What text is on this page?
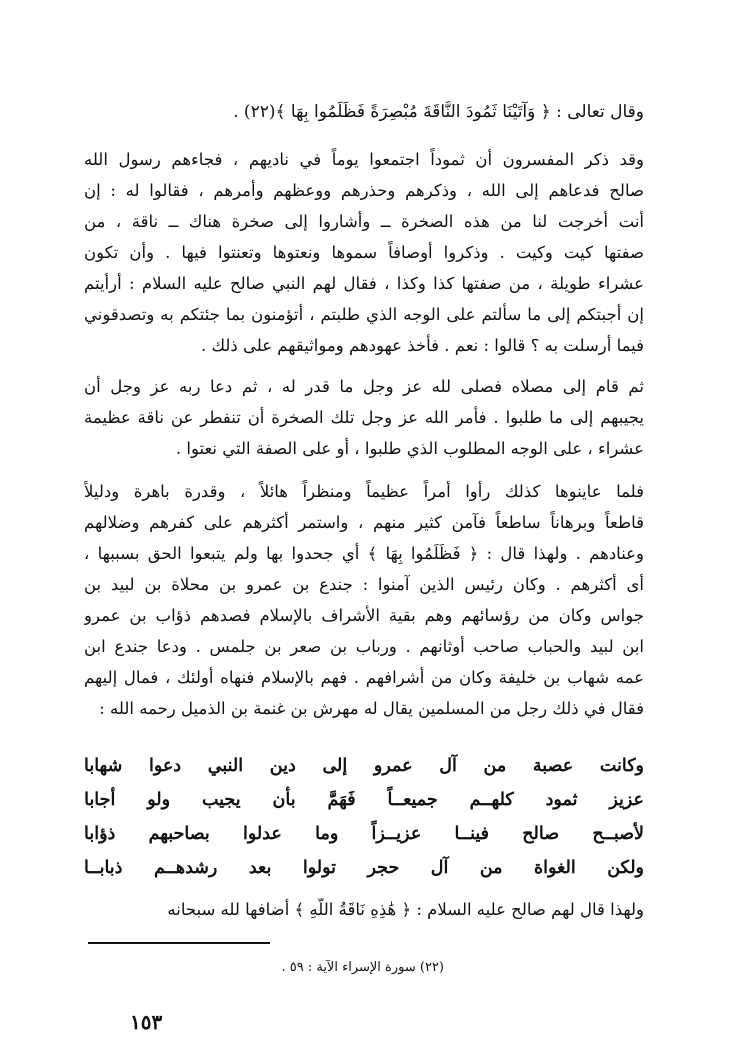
وقال تعالى : ﴿ وَآتَيْنَا ثَمُودَ النَّاقَةَ مُبْصِرَةً فَظَلَمُوا بِهَا ﴾(٢٢) .
وقد ذكر المفسرون أن ثموداً اجتمعوا يوماً في ناديهم ، فجاءهم رسول الله
صالح فدعاهم إلى الله ، وذكرهم وحذرهم ووعظهم وأمرهم ، فقالوا له : إن
أنت أخرجت لنا من هذه الصخرة ــ وأشاروا إلى صخرة هناك ــ ناقة ، من
صفتها كيت وكيت . وذكروا أوصافاً سموها ونعتوها وتعنتوا فيها . وأن تكون
عشراء طويلة ، من صفتها كذا وكذا ، فقال لهم النبي صالح عليه السلام : أرأيتم
إن أجبتكم إلى ما سألتم على الوجه الذي طلبتم ، أتؤمنون بما جئتكم به وتصدقوني
فيما أرسلت به ؟ قالوا : نعم . فأخذ عهودهم ومواثيقهم على ذلك .
ثم قام إلى مصلاه فصلى لله عز وجل ما قدر له ، ثم دعا ربه عز وجل أن
يجيبهم إلى ما طلبوا . فأمر الله عز وجل تلك الصخرة أن تنفطر عن ناقة عظيمة
عشراء ، على الوجه المطلوب الذي طلبوا ، أو على الصفة التي نعتوا .
فلما عاينوها كذلك رأوا أمراً عظيماً ومنظراً هائلاً ، وقدرة باهرة ودليلاً
قاطعاً وبرهاناً ساطعاً فآمن كثير منهم ، واستمر أكثرهم على كفرهم وضلالهم
وعنادهم . ولهذا قال : ﴿ فَظَلَمُوا بِهَا ﴾ أي جحدوا بها ولم يتبعوا الحق بسببها ،
أى أكثرهم . وكان رئيس الذين آمنوا : جندع بن عمرو بن محلاة بن لبيد بن
جواس وكان من رؤسائهم وهم بقية الأشراف بالإسلام فصدهم ذؤاب بن عمرو
ابن لبيد والحباب صاحب أوثانهم . ورباب بن صعر بن جلمس . ودعا جندع ابن
عمه شهاب بن خليفة وكان من أشرافهم . فهم بالإسلام فنهاه أولئك ، فمال إليهم
فقال في ذلك رجل من المسلمين يقال له مهرش بن غنمة بن الذميل رحمه الله :
وكانت
عصبة
من
آل
عمرو
إلى
دين
النبي
دعوا
شهابا
عزيز
ثمود
كلهــم
جميعــاً
فَهَمَّ
بأن
يجيب
ولو
أجابا
لأصبــح
صالح
فينــا
عزيــزاً
وما
عدلوا
بصاحبهم
ذؤابا
ولكن
الغواة
من
آل
حجر
تولوا
بعد
رشدهــم
ذبابــا
ولهذا قال لهم صالح عليه السلام : ﴿ هَٰذِهِ نَاقَةُ اللَّهِ ﴾ أضافها لله سبحانه
(٢٢) سورة الإسراء الآية : ٥٩ .
١٥٣
